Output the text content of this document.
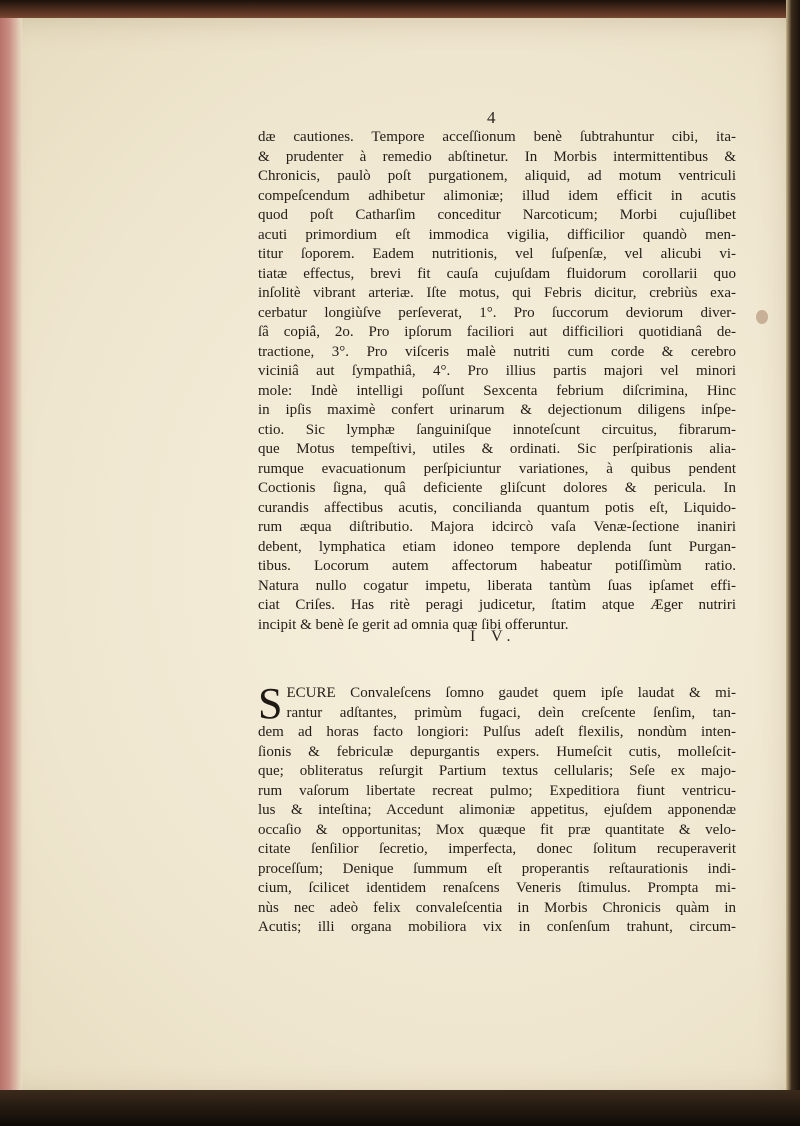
4
dæ cautiones. Tempore acceſſionum benè ſubtrahuntur cibi, ita-
& prudenter à remedio abſtinetur. In Morbis intermittentibus &
Chronicis, paulò poſt purgationem, aliquid, ad motum ventriculi
compeſcendum adhibetur alimoniæ; illud idem efficit in acutis
quod poſt Catharſim conceditur Narcoticum; Morbi cujuſlibet
acuti primordium eſt immodica vigilia, difficilior quandò men-
titur ſoporem. Eadem nutritionis, vel ſuſpenſæ, vel alicubi vi-
tiatæ effectus, brevi fit cauſa cujuſdam fluidorum corollarii quo
inſolitè vibrant arteriæ. Iſte motus, qui Febris dicitur, crebriùs exa-
cerbatur longiùſve perſeverat, 1°. Pro ſuccorum deviorum diver-
ſâ copiâ, 2o. Pro ipſorum faciliori aut difficiliori quotidianâ de-
tractione, 3°. Pro viſceris malè nutriti cum corde & cerebro
viciniâ aut ſympathiâ, 4°. Pro illius partis majori vel minori
mole: Indè intelligi poſſunt Sexcenta febrium diſcrimina, Hinc
in ipſis maximè confert urinarum & dejectionum diligens inſpe-
ctio. Sic lymphæ ſanguiniſque innoteſcunt circuitus, fibrarum-
que Motus tempeſtivi, utiles & ordinati. Sic perſpirationis alia-
rumque evacuationum perſpiciuntur variationes, à quibus pendent
Coctionis ſigna, quâ deficiente gliſcunt dolores & pericula. In
curandis affectibus acutis, concilianda quantum potis eſt, Liquido-
rum æqua diſtributio. Majora idcircò vaſa Venæ-ſectione inaniri
debent, lymphatica etiam idoneo tempore deplenda ſunt Purgan-
tibus. Locorum autem affectorum habeatur potiſſimùm ratio.
Natura nullo cogatur impetu, liberata tantùm ſuas ipſamet effi-
ciat Criſes. Has ritè peragi judicetur, ſtatim atque Æger nutriri
incipit & benè ſe gerit ad omnia quæ ſibi offeruntur.
I V.
S ECURE Convaleſcens ſomno gaudet quem ipſe laudat & mi-
rantur adſtantes, primùm fugaci, deìn creſcente ſenſim, tan-
dem ad horas facto longiori: Pulſus adeſt flexilis, nondùm inten-
ſionis & febriculæ depurgantis expers. Humeſcit cutis, molleſcit-
que; obliteratus reſurgit Partium textus cellularis; Seſe ex majo-
rum vaſorum libertate recreat pulmo; Expeditiora fiunt ventricu-
lus & inteſtina; Accedunt alimoniæ appetitus, ejuſdem apponendæ
occaſio & opportunitas; Mox quæque fit præ quantitate & velo-
citate ſenſilior ſecretio, imperfecta, donec ſolitum recuperaverit
proceſſum; Denique ſummum eſt properantis reſtaurationis indi-
cium, ſcilicet identidem renaſcens Veneris ſtimulus. Prompta mi-
nùs nec adeò felix convaleſcentia in Morbis Chronicis quàm in
Acutis; illi organa mobiliora vix in conſenſum trahunt, circum-
